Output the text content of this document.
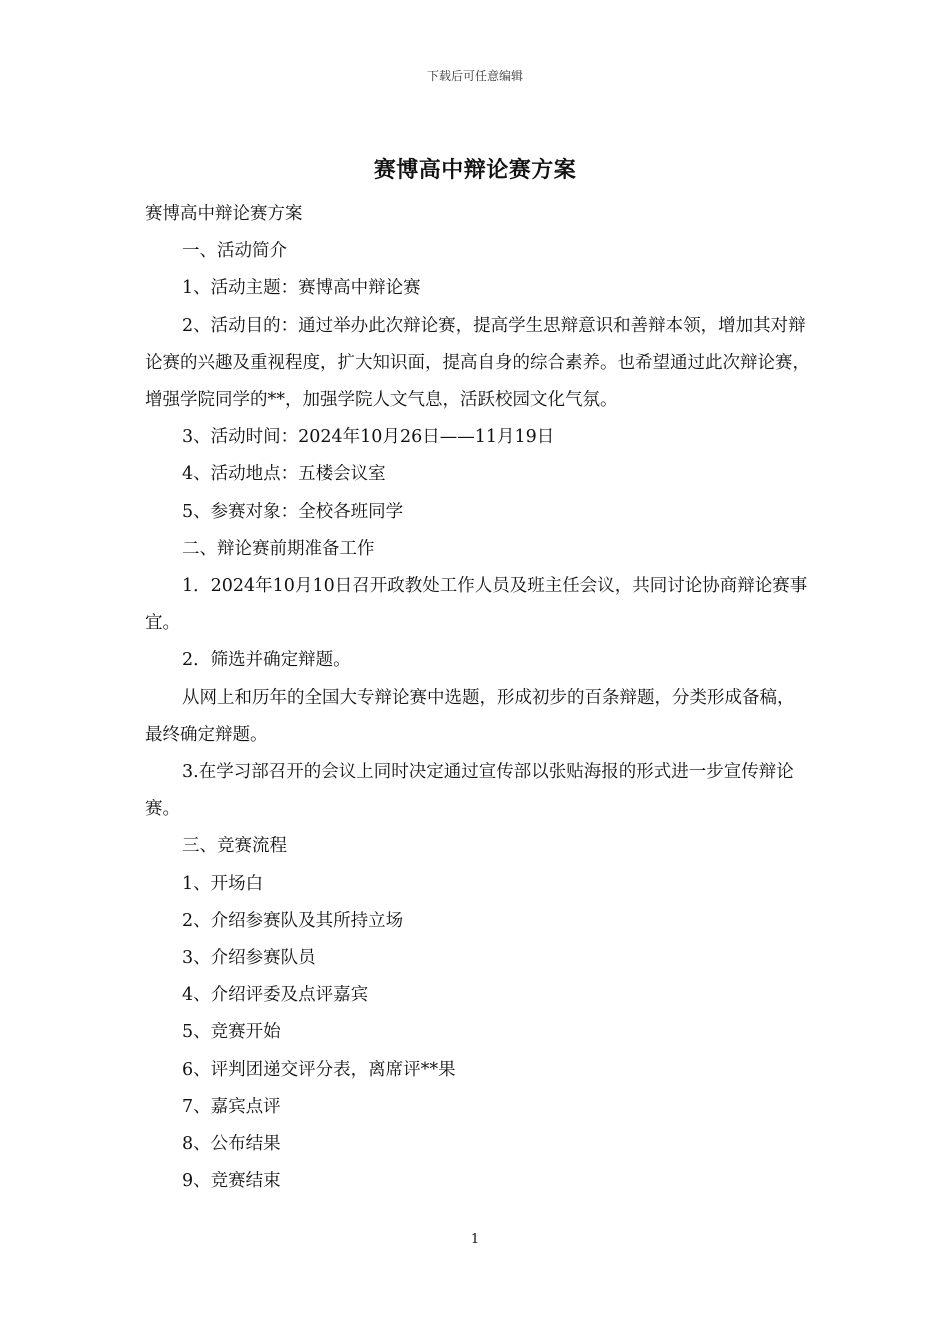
下载后可任意编辑
赛博高中辩论赛方案

赛博高中辩论赛方案

一、活动简介

1、活动主题：赛博高中辩论赛

2、活动目的：通过举办此次辩论赛，提高学生思辩意识和善辩本领，增加其对辩论赛的兴趣及重视程度，扩大知识面，提高自身的综合素养。也希望通过此次辩论赛，增强学院同学的**，加强学院人文气息，活跃校园文化气氛。

3、活动时间：2024年10月26日——11月19日

4、活动地点：五楼会议室

5、参赛对象：全校各班同学

二、辩论赛前期准备工作

1．2024年10月10日召开政教处工作人员及班主任会议，共同讨论协商辩论赛事宜。

2．筛选并确定辩题。

从网上和历年的全国大专辩论赛中选题，形成初步的百条辩题，分类形成备稿，最终确定辩题。

3.在学习部召开的会议上同时决定通过宣传部以张贴海报的形式进一步宣传辩论赛。

三、竞赛流程

1、开场白

2、介绍参赛队及其所持立场

3、介绍参赛队员

4、介绍评委及点评嘉宾

5、竞赛开始

6、评判团递交评分表，离席评**果

7、嘉宾点评

8、公布结果

9、竞赛结束

1
